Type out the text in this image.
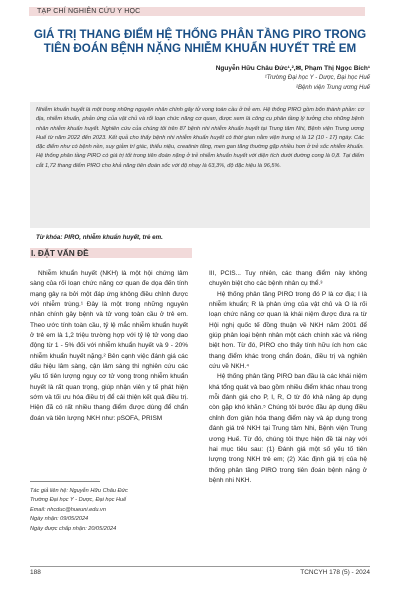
TẠP CHÍ NGHIÊN CỨU Y HỌC
GIÁ TRỊ THANG ĐIỂM HỆ THỐNG PHÂN TẦNG PIRO TRONG TIÊN ĐOÁN BỆNH NẶNG NHIỄM KHUẨN HUYẾT TRẺ EM
Nguyễn Hữu Châu Đức¹,²,✉, Phạm Thị Ngọc Bích¹
¹Trường Đại học Y - Dược, Đại học Huế
²Bệnh viện Trung ương Huế
Nhiễm khuẩn huyết là một trong những nguyên nhân chính gây tử vong toàn cầu ở trẻ em. Hệ thống PIRO gồm bốn thành phần: cơ địa, nhiễm khuẩn, phản ứng của vật chủ và rối loạn chức năng cơ quan, được xem là công cụ phân tầng lý tưởng cho những bệnh nhân nhiễm khuẩn huyết. Nghiên cứu của chúng tôi trên 87 bệnh nhi nhiễm khuẩn huyết tại Trung tâm Nhi, Bệnh viện Trung ương Huế từ năm 2022 đến 2023. Kết quả cho thấy bệnh nhi nhiễm khuẩn huyết có thời gian nằm viện trung vị là 12 (10 - 17) ngày. Các đặc điểm như có bệnh nền, suy giảm trí giác, thiểu niệu, creatinin tăng, men gan tăng thường gặp nhiều hơn ở trẻ sốc nhiễm khuẩn. Hệ thống phân tầng PIRO có giá trị tốt trong tiên đoán nặng ở trẻ nhiễm khuẩn huyết với diện tích dưới đường cong là 0,8. Tại điểm cắt 1,72 thang điểm PIRO cho khả năng tiên đoán sốc với độ nhạy là 63,3%, độ đặc hiệu là 96,5%.
Từ khóa: PIRO, nhiễm khuẩn huyết, trẻ em.
I. ĐẶT VẤN ĐỀ

Nhiễm khuẩn huyết (NKH) là một hội chứng lâm sàng của rối loạn chức năng cơ quan đe dọa đến tính mạng gây ra bởi một đáp ứng không điều chỉnh được với nhiễm trùng.¹ Đây là một trong những nguyên nhân chính gây bệnh và tử vong toàn cầu ở trẻ em. Theo ước tính toàn cầu, tỷ lệ mắc nhiễm khuẩn huyết ở trẻ em là 1,2 triệu trường hợp với tỷ lệ tử vong dao động từ 1 - 5% đối với nhiễm khuẩn huyết và 9 - 20% nhiễm khuẩn huyết nặng.² Bên cạnh việc đánh giá các dấu hiệu lâm sàng, cận lâm sàng thì nghiên cứu các yếu tố tiên lượng nguy cơ tử vong trong nhiễm khuẩn huyết là rất quan trọng, giúp nhận viên y tế phát hiện sớm và tối ưu hóa điều trị để cải thiện kết quả điều trị. Hiện đã có rất nhiều thang điểm được dùng để chẩn đoán và tiên lượng NKH như: pSOFA, PRISM

III, PCIS... Tuy nhiên, các thang điểm này không chuyên biệt cho các bệnh nhân cụ thể.³

Hệ thống phân tầng PIRO trong đó P là cơ địa; I là nhiễm khuẩn; R là phản ứng của vật chủ và O là rối loạn chức năng cơ quan là khái niệm được đưa ra từ Hội nghị quốc tế đồng thuận về NKH năm 2001 để giúp phân loại bệnh nhân một cách chính xác và riêng biệt hơn. Từ đó, PIRO cho thấy tính hữu ích hơn các thang điểm khác trong chẩn đoán, điều trị và nghiên cứu về NKH.⁴

Hệ thống phân tầng PIRO ban đầu là các khái niệm khá tổng quát và bao gồm nhiều điểm khác nhau trong mỗi đánh giá cho P, I, R, O từ đó khả năng áp dụng còn gặp khó khăn.⁵ Chúng tôi bước đầu áp dụng điều chỉnh đơn giản hóa thang điểm này và áp dụng trong đánh giá trẻ NKH tại Trung tâm Nhi, Bệnh viện Trung ương Huế. Từ đó, chúng tôi thực hiện đề tài này với hai mục tiêu sau: (1) Đánh giá một số yếu tố tiên lượng trong NKH trẻ em; (2) Xác định giá trị của hệ thống phân tầng PIRO trong tiên đoán bệnh nặng ở bệnh nhi NKH.

Tác giả liên hệ: Nguyễn Hữu Châu Đức
Trường Đại học Y - Dược, Đại học Huế
Email: nhcduc@hueuni.edu.vn
Ngày nhận: 09/05/2024
Ngày được chấp nhận: 20/05/2024
188	TCNCYH 178 (5) - 2024
